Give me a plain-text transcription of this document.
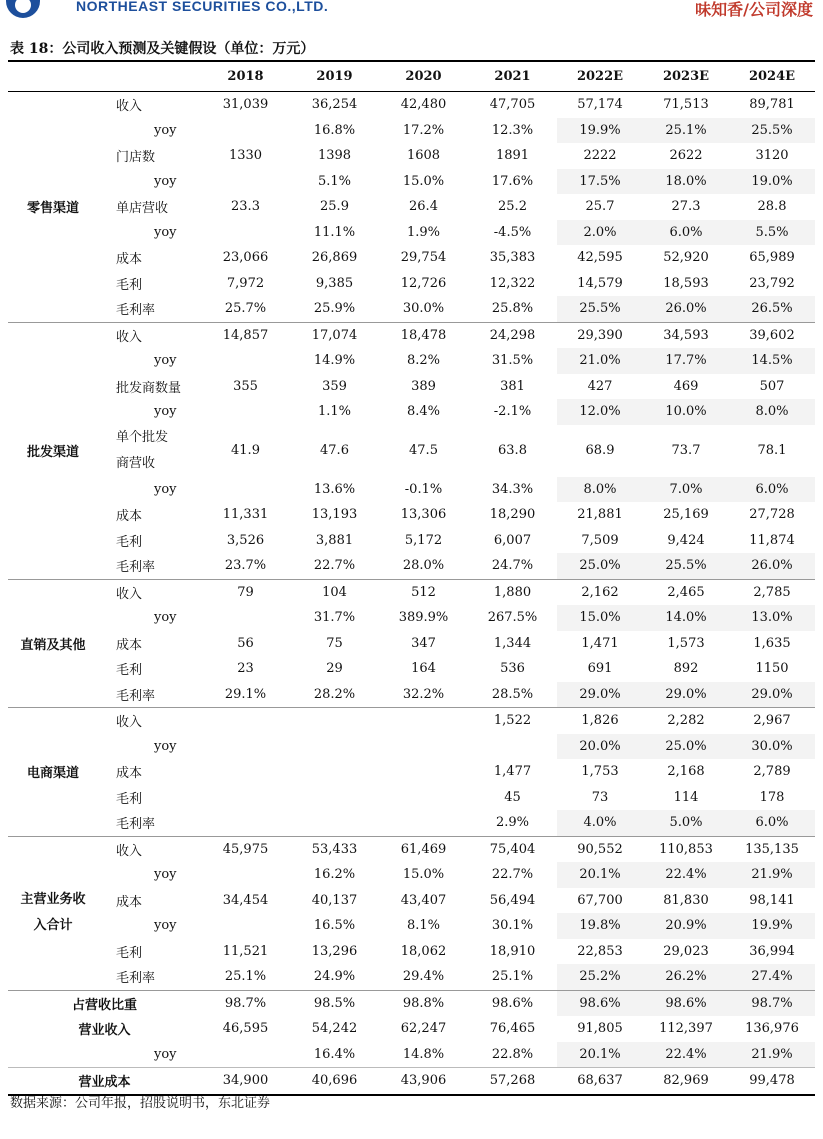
NORTHEAST SECURITIES CO.,LTD.	味知香/公司深度
表 18：公司收入预测及关键假设（单位：万元）
		2018	2019	2020	2021	2022E	2023E	2024E
零售渠道	收入	31,039	36,254	42,480	47,705	57,174	71,513	89,781
	yoy		16.8%	17.2%	12.3%	19.9%	25.1%	25.5%
	门店数	1330	1398	1608	1891	2222	2622	3120
	yoy		5.1%	15.0%	17.6%	17.5%	18.0%	19.0%
	单店营收	23.3	25.9	26.4	25.2	25.7	27.3	28.8
	yoy		11.1%	1.9%	-4.5%	2.0%	6.0%	5.5%
	成本	23,066	26,869	29,754	35,383	42,595	52,920	65,989
	毛利	7,972	9,385	12,726	12,322	14,579	18,593	23,792
	毛利率	25.7%	25.9%	30.0%	25.8%	25.5%	26.0%	26.5%
批发渠道	收入	14,857	17,074	18,478	24,298	29,390	34,593	39,602
	yoy		14.9%	8.2%	31.5%	21.0%	17.7%	14.5%
	批发商数量	355	359	389	381	427	469	507
	yoy		1.1%	8.4%	-2.1%	12.0%	10.0%	8.0%
	单个批发商营收	41.9	47.6	47.5	63.8	68.9	73.7	78.1
	yoy		13.6%	-0.1%	34.3%	8.0%	7.0%	6.0%
	成本	11,331	13,193	13,306	18,290	21,881	25,169	27,728
	毛利	3,526	3,881	5,172	6,007	7,509	9,424	11,874
	毛利率	23.7%	22.7%	28.0%	24.7%	25.0%	25.5%	26.0%
直销及其他	收入	79	104	512	1,880	2,162	2,465	2,785
	yoy		31.7%	389.9%	267.5%	15.0%	14.0%	13.0%
	成本	56	75	347	1,344	1,471	1,573	1,635
	毛利	23	29	164	536	691	892	1150
	毛利率	29.1%	28.2%	32.2%	28.5%	29.0%	29.0%	29.0%
电商渠道	收入				1,522	1,826	2,282	2,967
	yoy					20.0%	25.0%	30.0%
	成本				1,477	1,753	2,168	2,789
	毛利				45	73	114	178
	毛利率				2.9%	4.0%	5.0%	6.0%
主营业务收入合计	收入	45,975	53,433	61,469	75,404	90,552	110,853	135,135
	yoy		16.2%	15.0%	22.7%	20.1%	22.4%	21.9%
	成本	34,454	40,137	43,407	56,494	67,700	81,830	98,141
	yoy		16.5%	8.1%	30.1%	19.8%	20.9%	19.9%
	毛利	11,521	13,296	18,062	18,910	22,853	29,023	36,994
	毛利率	25.1%	24.9%	29.4%	25.1%	25.2%	26.2%	27.4%
占营收比重		98.7%	98.5%	98.8%	98.6%	98.6%	98.6%	98.7%
营业收入		46,595	54,242	62,247	76,465	91,805	112,397	136,976
	yoy		16.4%	14.8%	22.8%	20.1%	22.4%	21.9%
营业成本		34,900	40,696	43,906	57,268	68,637	82,969	99,478
数据来源：公司年报，招股说明书，东北证券
